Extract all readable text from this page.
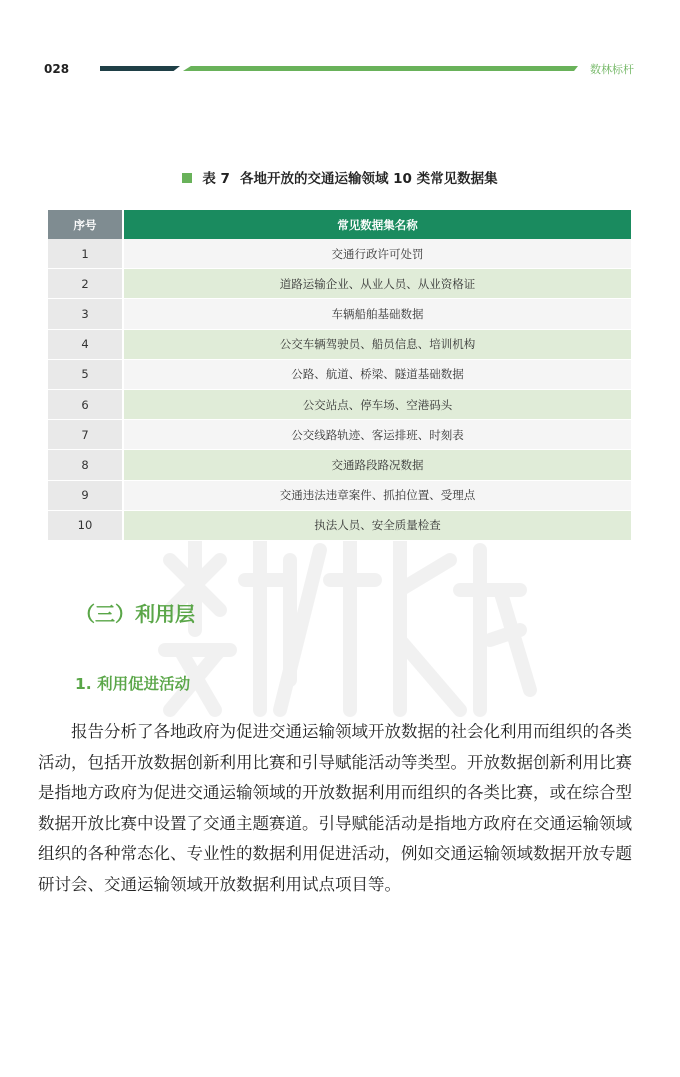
028	数林标杆
表 7 各地开放的交通运输领域 10 类常见数据集
序号	常见数据集名称
1	交通行政许可处罚
2	道路运输企业、从业人员、从业资格证
3	车辆船舶基础数据
4	公交车辆驾驶员、船员信息、培训机构
5	公路、航道、桥梁、隧道基础数据
6	公交站点、停车场、空港码头
7	公交线路轨迹、客运排班、时刻表
8	交通路段路况数据
9	交通违法违章案件、抓拍位置、受理点
10	执法人员、安全质量检查
（三）利用层
1. 利用促进活动

报告分析了各地政府为促进交通运输领域开放数据的社会化利用而组织的各类活动，包括开放数据创新利用比赛和引导赋能活动等类型。开放数据创新利用比赛是指地方政府为促进交通运输领域的开放数据利用而组织的各类比赛，或在综合型数据开放比赛中设置了交通主题赛道。引导赋能活动是指地方政府在交通运输领域组织的各种常态化、专业性的数据利用促进活动，例如交通运输领域数据开放专题研讨会、交通运输领域开放数据利用试点项目等。
